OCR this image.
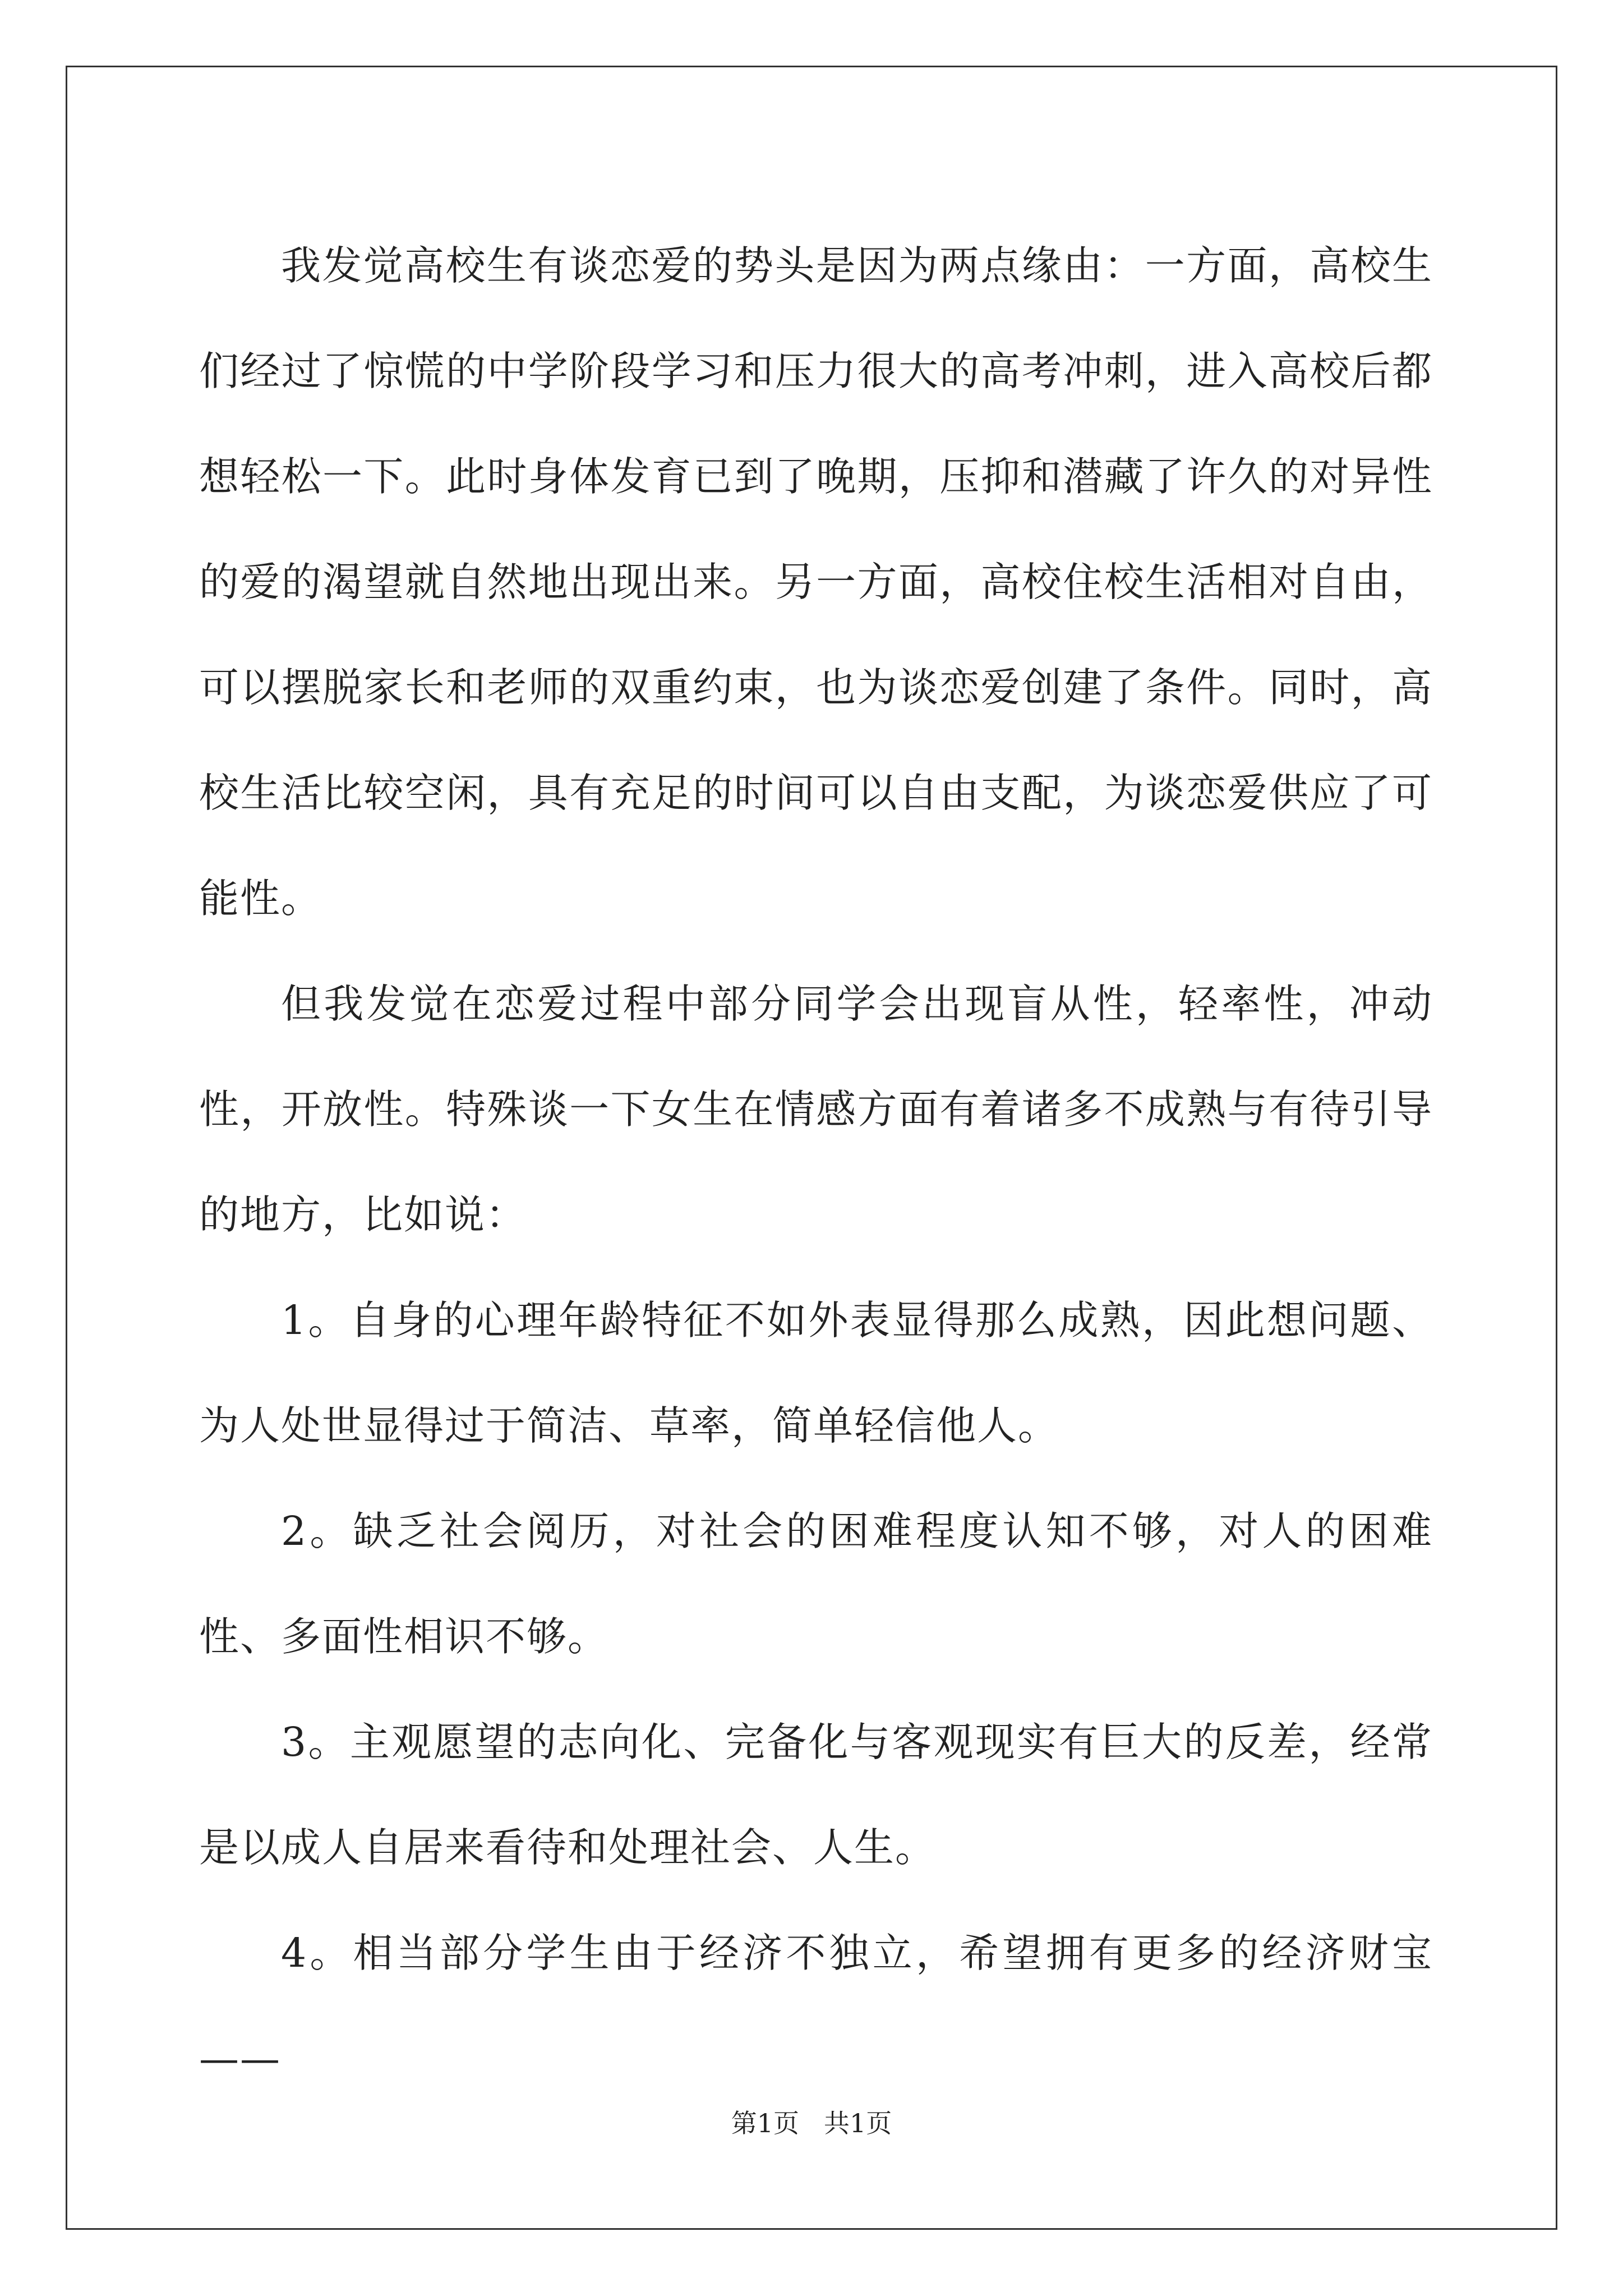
我发觉高校生有谈恋爱的势头是因为两点缘由：一方面，高校生们经过了惊慌的中学阶段学习和压力很大的高考冲刺，进入高校后都想轻松一下。此时身体发育已到了晚期，压抑和潜藏了许久的对异性的爱的渴望就自然地出现出来。另一方面，高校住校生活相对自由，可以摆脱家长和老师的双重约束，也为谈恋爱创建了条件。同时，高校生活比较空闲，具有充足的时间可以自由支配，为谈恋爱供应了可能性。

但我发觉在恋爱过程中部分同学会出现盲从性，轻率性，冲动性，开放性。特殊谈一下女生在情感方面有着诸多不成熟与有待引导的地方，比如说：

1。自身的心理年龄特征不如外表显得那么成熟，因此想问题、为人处世显得过于简洁、草率，简单轻信他人。

2。缺乏社会阅历，对社会的困难程度认知不够，对人的困难性、多面性相识不够。

3。主观愿望的志向化、完备化与客观现实有巨大的反差，经常是以成人自居来看待和处理社会、人生。

4。相当部分学生由于经济不独立，希望拥有更多的经济财宝——

第1页 共1页
